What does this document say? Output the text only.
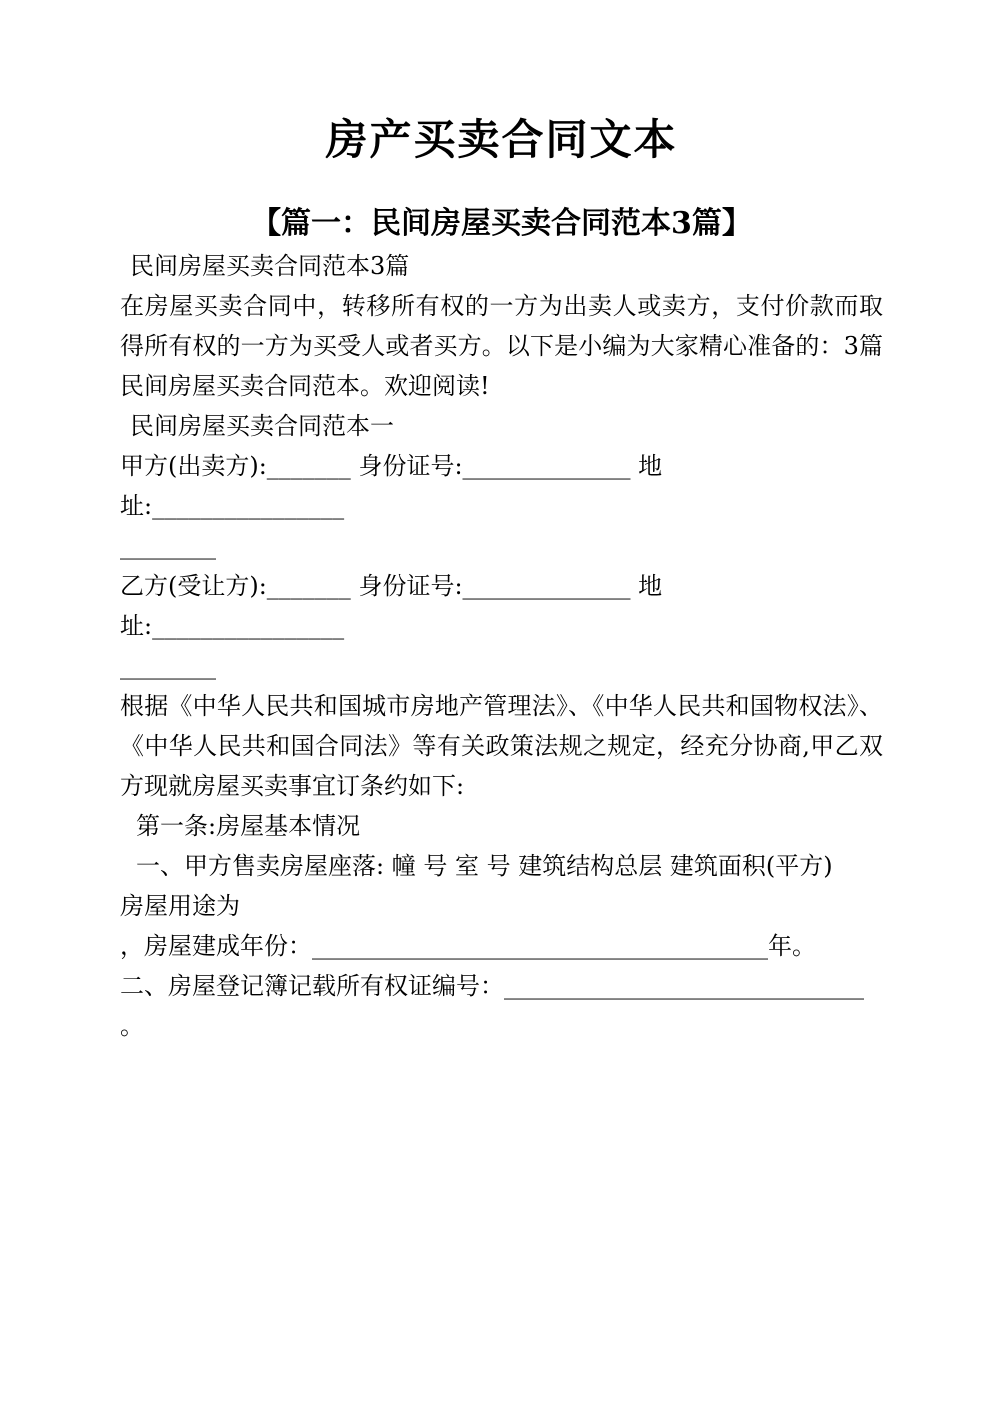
房产买卖合同文本
【篇一：民间房屋买卖合同范本3篇】

民间房屋买卖合同范本3篇

在房屋买卖合同中，转移所有权的一方为出卖人或卖方，支付价款而取得所有权的一方为买受人或者买方。以下是小编为大家精心准备的：3篇民间房屋买卖合同范本。欢迎阅读!

民间房屋买卖合同范本一

甲方(出卖方):_______ 身份证号:______________ 地址:________________

________

乙方(受让方):_______ 身份证号:______________ 地址:________________

________

根据《中华人民共和国城市房地产管理法》、《中华人民共和国物权法》、《中华人民共和国合同法》等有关政策法规之规定，经充分协商,甲乙双方现就房屋买卖事宜订条约如下:

第一条:房屋基本情况

一、甲方售卖房屋座落: 幢 号 室 号 建筑结构总层 建筑面积(平方)

房屋用途为

，房屋建成年份：______________________________________年。

二、房屋登记簿记载所有权证编号：______________________________

。
